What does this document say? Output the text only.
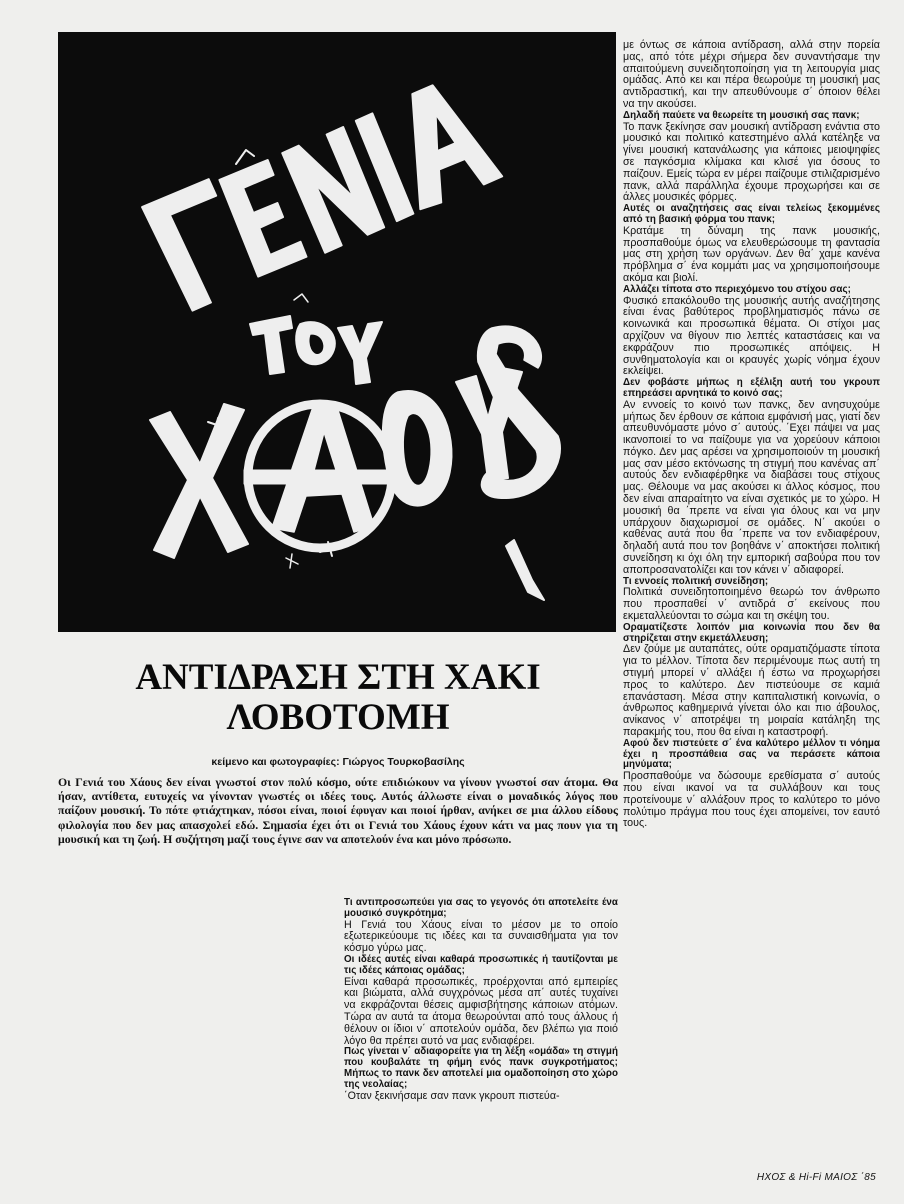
ΑΝΤΙΔΡΑΣΗ ΣΤΗ ΧΑΚΙ
ΛΟΒΟΤΟΜΗ
κείμενο και φωτογραφίες: Γιώργος Τουρκοβασίλης

Οι Γενιά του Χάους δεν είναι γνωστοί στον πολύ κόσμο, ούτε επιδιώκουν να γίνουν γνωστοί σαν άτομα. Θα ήσαν, αντίθετα, ευτυχείς να γίνονταν γνωστές οι ιδέες τους. Αυτός άλλωστε είναι ο μοναδικός λόγος που παίζουν μουσική. Το πότε φτιάχτηκαν, πόσοι είναι, ποιοί έφυγαν και ποιοί ήρθαν, ανήκει σε μια άλλου είδους φιλολογία που δεν μας απασχολεί εδώ. Σημασία έχει ότι οι Γενιά του Χάους έχουν κάτι να μας πουν για τη μουσική και τη ζωή. Η συζήτηση μαζί τους έγινε σαν να αποτελούν ένα και μόνο πρόσωπο.

Τι αντιπροσωπεύει για σας το γεγονός ότι αποτελείτε ένα μουσικό συγκρότημα;

Η Γενιά του Χάους είναι το μέσον με το οποίο εξωτερικεύουμε τις ιδέες και τα συναισθήματα για τον κόσμο γύρω μας.

Οι ιδέες αυτές είναι καθαρά προσωπικές ή ταυτίζονται με τις ιδέες κάποιας ομάδας;

Είναι καθαρά προσωπικές, προέρχονται από εμπειρίες και βιώματα, αλλά συγχρόνως μέσα απ΄ αυτές τυχαίνει να εκφράζονται θέσεις αμφισβήτησης κάποιων ατόμων. Τώρα αν αυτά τα άτομα θεωρούνται από τους άλλους ή θέλουν οι ίδιοι ν΄ αποτελούν ομάδα, δεν βλέπω για ποιό λόγο θα πρέπει αυτό να μας ενδιαφέρει.

Πως γίνεται ν΄ αδιαφορείτε για τη λέξη «ομάδα» τη στιγμή που κουβαλάτε τη φήμη ενός πανκ συγκροτήματος; Μήπως το πανκ δεν αποτελεί μια ομαδοποίηση στο χώρο της νεολαίας;

΄Οταν ξεκινήσαμε σαν πανκ γκρουπ πιστεύα-

με όντως σε κάποια αντίδραση, αλλά στην πορεία μας, από τότε μέχρι σήμερα δεν συναντήσαμε την απαιτούμενη συνειδητοποίηση για τη λειτουργία μιας ομάδας. Από κει και πέρα θεωρούμε τη μουσική μας αντιδραστική, και την απευθύνουμε σ΄ όποιον θέλει να την ακούσει.

Δηλαδή παύετε να θεωρείτε τη μουσική σας πανκ;

Το πανκ ξεκίνησε σαν μουσική αντίδραση ενάντια στο μουσικό και πολιτικό κατεστημένο αλλά κατέληξε να γίνει μουσική κατανάλωσης για κάποιες μειοψηφίες σε παγκόσμια κλίμακα και κλισέ για όσους το παίζουν. Εμείς τώρα εν μέρει παίζουμε στιλιζαρισμένο πανκ, αλλά παράλληλα έχουμε προχωρήσει και σε άλλες μουσικές φόρμες.

Αυτές οι αναζητήσεις σας είναι τελείως ξεκομμένες από τη βασική φόρμα του πανκ;

Κρατάμε τη δύναμη της πανκ μουσικής, προσπαθούμε όμως να ελευθερώσουμε τη φαντασία μας στη χρήση των οργάνων. Δεν θα΄ χαμε κανένα πρόβλημα σ΄ ένα κομμάτι μας να χρησιμοποιήσουμε ακόμα και βιολί.

Αλλάζει τίποτα στο περιεχόμενο του στίχου σας;

Φυσικό επακόλουθο της μουσικής αυτής αναζήτησης είναι ένας βαθύτερος προβληματισμός πάνω σε κοινωνικά και προσωπικά θέματα. Οι στίχοι μας αρχίζουν να θίγουν πιο λεπτές καταστάσεις και να εκφράζουν πιο προσωπικές απόψεις. Η συνθηματολογία και οι κραυγές χωρίς νόημα έχουν εκλείψει.

Δεν φοβάστε μήπως η εξέλιξη αυτή του γκρουπ επηρεάσει αρνητικά το κοινό σας;

Αν εννοείς το κοινό των πανκς, δεν ανησυχούμε μήπως δεν έρθουν σε κάποια εμφάνισή μας, γιατί δεν απευθυνόμαστε μόνο σ΄ αυτούς. ΄Εχει πάψει να μας ικανοποιεί το να παίζουμε για να χορεύουν κάποιοι πόγκο. Δεν μας αρέσει να χρησιμοποιούν τη μουσική μας σαν μέσο εκτόνωσης τη στιγμή που κανένας απ΄ αυτούς δεν ενδιαφέρθηκε να διαβάσει τους στίχους μας. Θέλουμε να μας ακούσει κι άλλος κόσμος, που δεν είναι απαραίτητο να είναι σχετικός με το χώρο. Η μουσική θα ΄πρεπε να είναι για όλους και να μην υπάρχουν διαχωρισμοί σε ομάδες. Ν΄ ακούει ο καθένας αυτά που θα ΄πρεπε να τον ενδιαφέρουν, δηλαδή αυτά που τον βοηθάνε ν΄ αποκτήσει πολιτική συνείδηση κι όχι όλη την εμπορική σαβούρα που τον αποπροσανατολίζει και τον κάνει ν΄ αδιαφορεί.

Τι εννοείς πολιτική συνείδηση;

Πολιτικά συνειδητοποιημένο θεωρώ τον άνθρωπο που προσπαθεί ν΄ αντιδρά σ΄ εκείνους που εκμεταλλεύονται το σώμα και τη σκέψη του.

Οραματίζεστε λοιπόν μια κοινωνία που δεν θα στηρίζεται στην εκμετάλλευση;

Δεν ζούμε με αυταπάτες, ούτε οραματιζόμαστε τίποτα για το μέλλον. Τίποτα δεν περιμένουμε πως αυτή τη στιγμή μπορεί ν΄ αλλάξει ή έστω να προχωρήσει προς το καλύτερο. Δεν πιστεύουμε σε καμιά επανάσταση. Μέσα στην καπιταλιστική κοινωνία, ο άνθρωπος καθημερινά γίνεται όλο και πιο άβουλος, ανίκανος ν΄ αποτρέψει τη μοιραία κατάληξη της παρακμής του, που θα είναι η καταστροφή.

Αφού δεν πιστεύετε σ΄ ένα καλύτερο μέλλον τι νόημα έχει η προσπάθεια σας να περάσετε κάποια μηνύματα;

Προσπαθούμε να δώσουμε ερεθίσματα σ΄ αυτούς που είναι ικανοί να τα συλλάβουν και τους προτείνουμε ν΄ αλλάξουν προς το καλύτερο το μόνο πολύτιμο πράγμα που τους έχει απομείνει, τον εαυτό τους.

ΗΧΟΣ & Hi-Fi ΜΑΙΟΣ ΄85
